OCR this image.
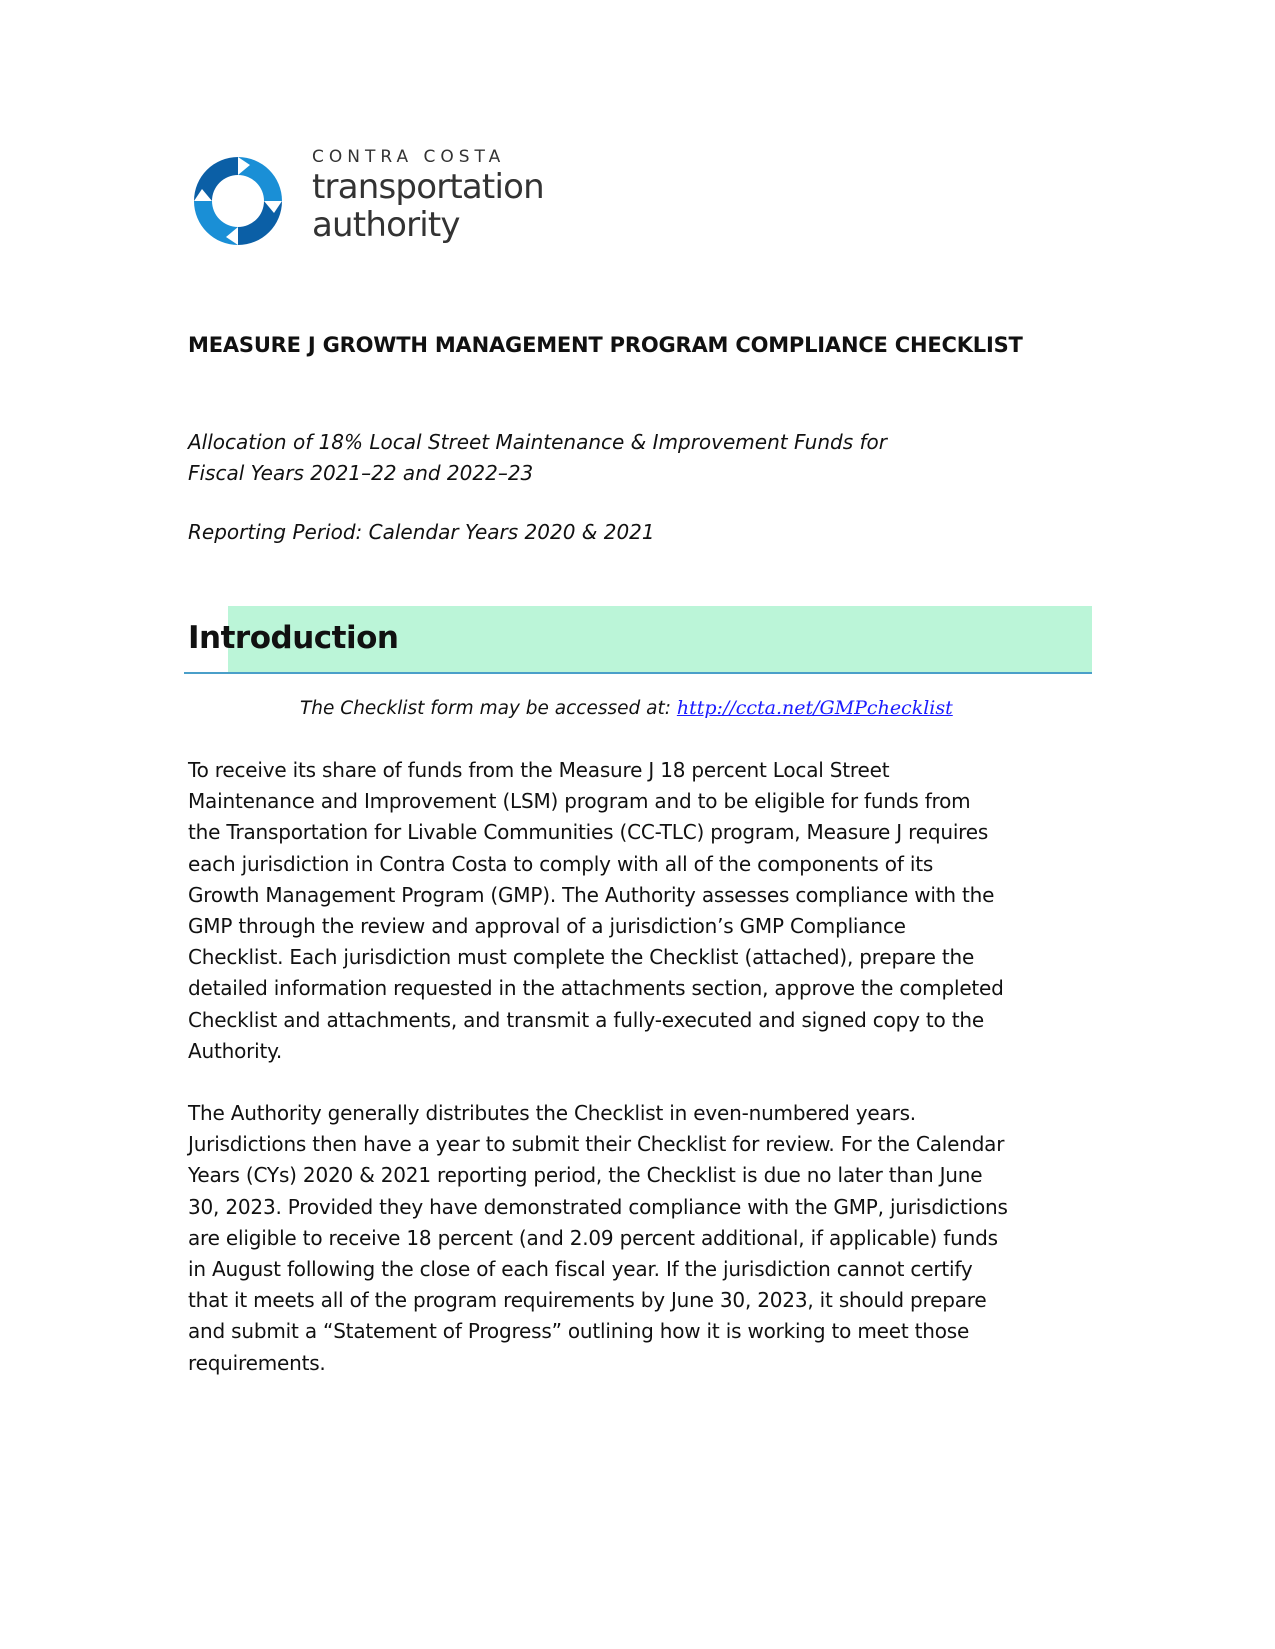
CONTRA COSTA
transportation
authority
MEASURE J GROWTH MANAGEMENT PROGRAM COMPLIANCE CHECKLIST
Allocation of 18% Local Street Maintenance & Improvement Funds for
Fiscal Years 2021–22 and 2022–23
Reporting Period: Calendar Years 2020 & 2021
Introduction
The Checklist form may be accessed at: http://ccta.net/GMPchecklist
To receive its share of funds from the Measure J 18 percent Local Street
Maintenance and Improvement (LSM) program and to be eligible for funds from
the Transportation for Livable Communities (CC-TLC) program, Measure J requires
each jurisdiction in Contra Costa to comply with all of the components of its
Growth Management Program (GMP). The Authority assesses compliance with the
GMP through the review and approval of a jurisdiction’s GMP Compliance
Checklist. Each jurisdiction must complete the Checklist (attached), prepare the
detailed information requested in the attachments section, approve the completed
Checklist and attachments, and transmit a fully-executed and signed copy to the
Authority.
The Authority generally distributes the Checklist in even-numbered years.
Jurisdictions then have a year to submit their Checklist for review. For the Calendar
Years (CYs) 2020 & 2021 reporting period, the Checklist is due no later than June
30, 2023. Provided they have demonstrated compliance with the GMP, jurisdictions
are eligible to receive 18 percent (and 2.09 percent additional, if applicable) funds
in August following the close of each fiscal year. If the jurisdiction cannot certify
that it meets all of the program requirements by June 30, 2023, it should prepare
and submit a “Statement of Progress” outlining how it is working to meet those
requirements.
